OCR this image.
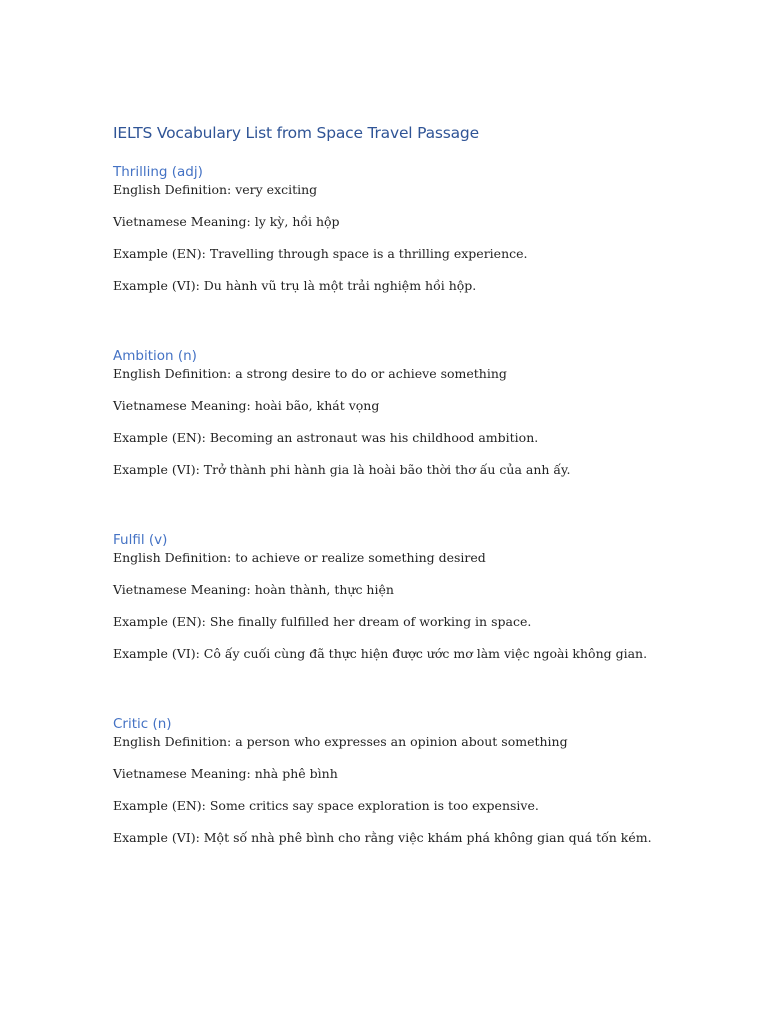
IELTS Vocabulary List from Space Travel Passage
Thrilling (adj)

English Definition: very exciting

Vietnamese Meaning: ly kỳ, hồi hộp

Example (EN): Travelling through space is a thrilling experience.

Example (VI): Du hành vũ trụ là một trải nghiệm hồi hộp.

Ambition (n)

English Definition: a strong desire to do or achieve something

Vietnamese Meaning: hoài bão, khát vọng

Example (EN): Becoming an astronaut was his childhood ambition.

Example (VI): Trở thành phi hành gia là hoài bão thời thơ ấu của anh ấy.

Fulfil (v)

English Definition: to achieve or realize something desired

Vietnamese Meaning: hoàn thành, thực hiện

Example (EN): She finally fulfilled her dream of working in space.

Example (VI): Cô ấy cuối cùng đã thực hiện được ước mơ làm việc ngoài không gian.

Critic (n)

English Definition: a person who expresses an opinion about something

Vietnamese Meaning: nhà phê bình

Example (EN): Some critics say space exploration is too expensive.

Example (VI): Một số nhà phê bình cho rằng việc khám phá không gian quá tốn kém.
